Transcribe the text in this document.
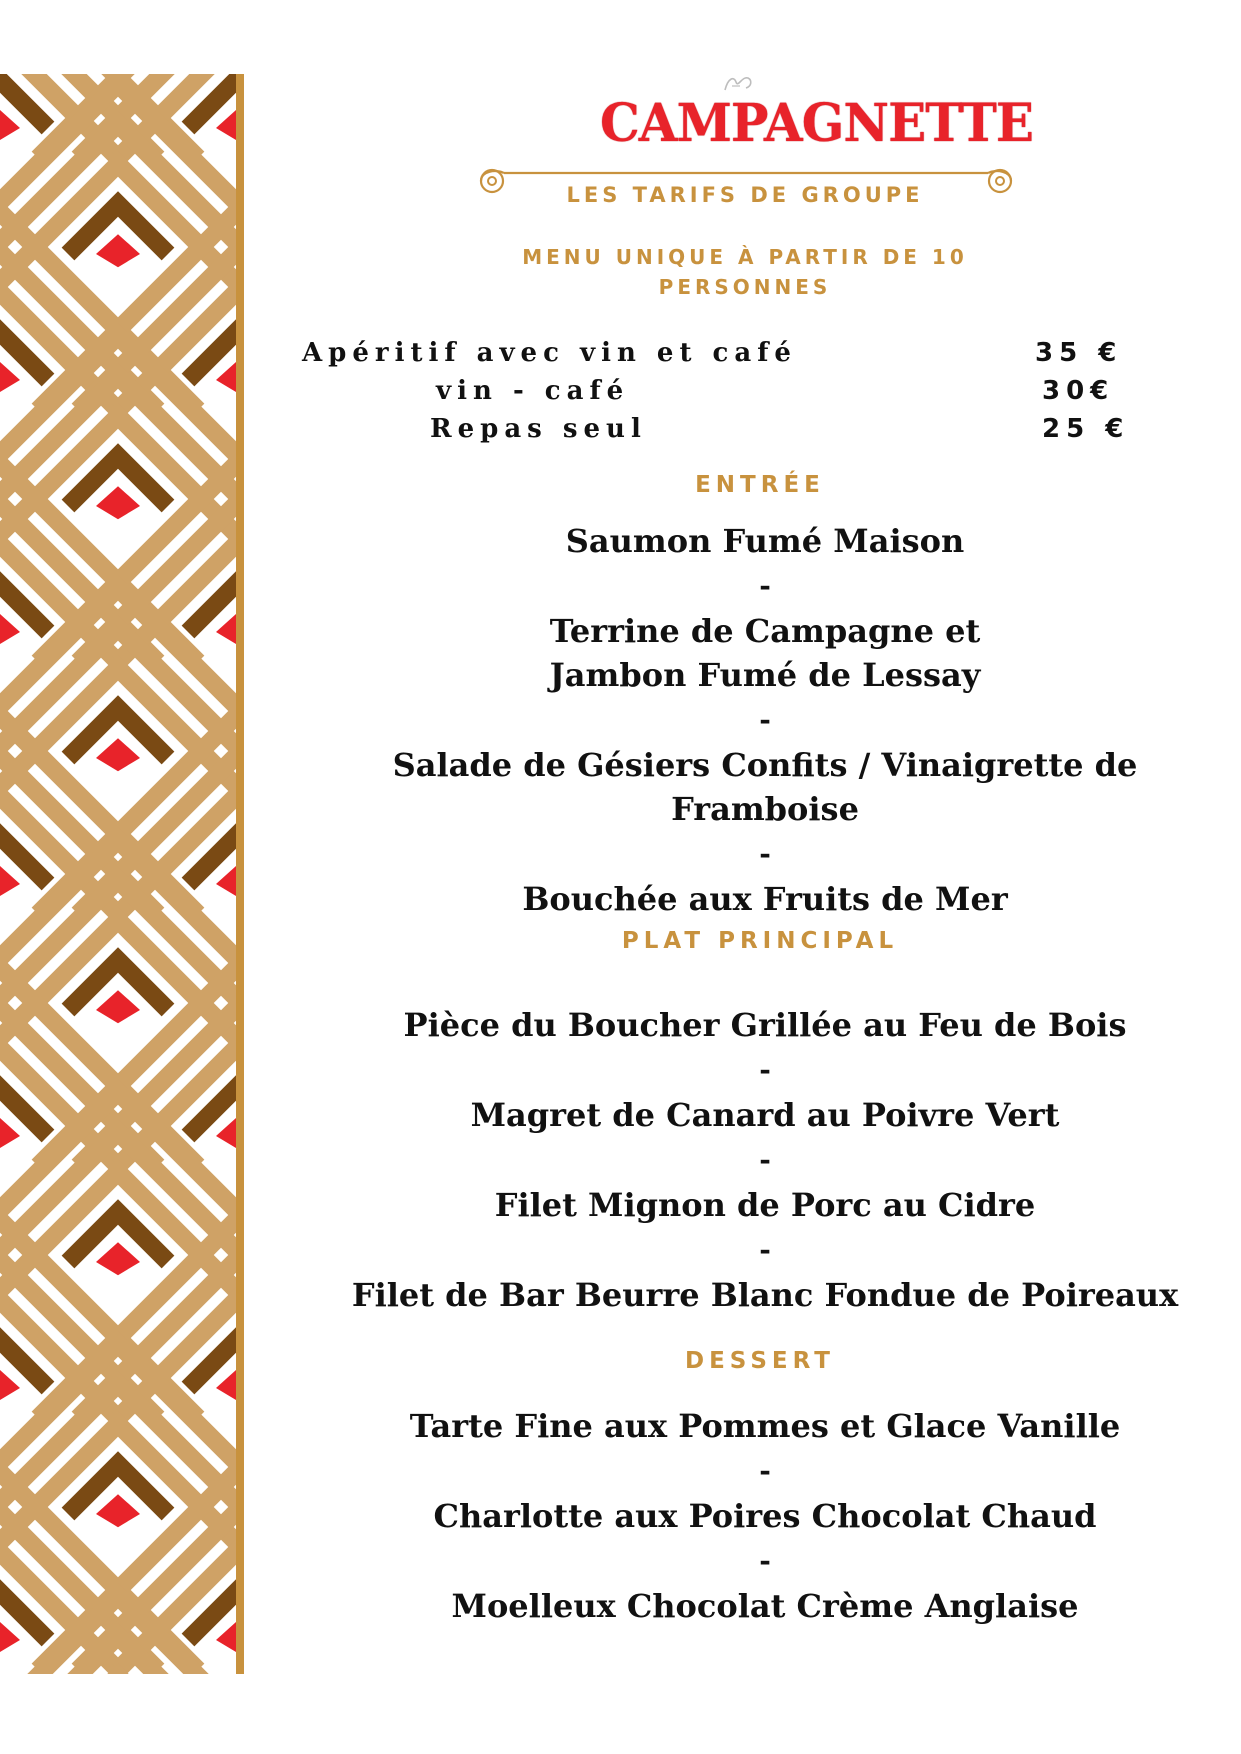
CAMPAGNETTE
LES TARIFS DE GROUPE
MENU UNIQUE À PARTIR DE 10 PERSONNES
Apéritif avec vin et café	35 €
vin - café	30€
Repas seul	25 €
ENTRÉE

Saumon Fumé Maison

-

Terrine de Campagne et

Jambon Fumé de Lessay

-

Salade de Gésiers Confits / Vinaigrette de Framboise

-

Bouchée aux Fruits de Mer

PLAT PRINCIPAL

Pièce du Boucher Grillée au Feu de Bois

-

Magret de Canard au Poivre Vert

-

Filet Mignon de Porc au Cidre

-

Filet de Bar Beurre Blanc Fondue de Poireaux

DESSERT

Tarte Fine aux Pommes et Glace Vanille

-

Charlotte aux Poires Chocolat Chaud

-

Moelleux Chocolat Crème Anglaise
